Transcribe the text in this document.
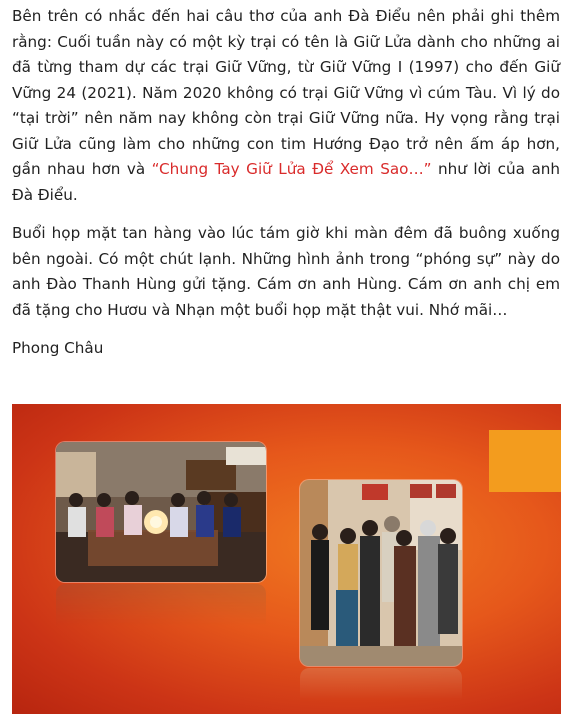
Bên trên có nhắc đến hai câu thơ của anh Đà Điểu nên phải ghi thêm rằng: Cuối tuần này có một kỳ trại có tên là Giữ Lửa dành cho những ai đã từng tham dự các trại Giữ Vững, từ Giữ Vững I (1997) cho đến Giữ Vững 24 (2021). Năm 2020 không có trại Giữ Vững vì cúm Tàu. Vì lý do “tại trời” nên năm nay không còn trại Giữ Vững nữa. Hy vọng rằng trại Giữ Lửa cũng làm cho những con tim Hướng Đạo trở nên ấm áp hơn, gần nhau hơn và “Chung Tay Giữ Lửa Để Xem Sao…” như lời của anh Đà Điểu.

Buổi họp mặt tan hàng vào lúc tám giờ khi màn đêm đã buông xuống bên ngoài. Có một chút lạnh. Những hình ảnh trong “phóng sự” này do anh Đào Thanh Hùng gửi tặng. Cám ơn anh Hùng. Cám ơn anh chị em đã tặng cho Hươu và Nhạn một buổi họp mặt thật vui. Nhớ mãi…

Phong Châu
